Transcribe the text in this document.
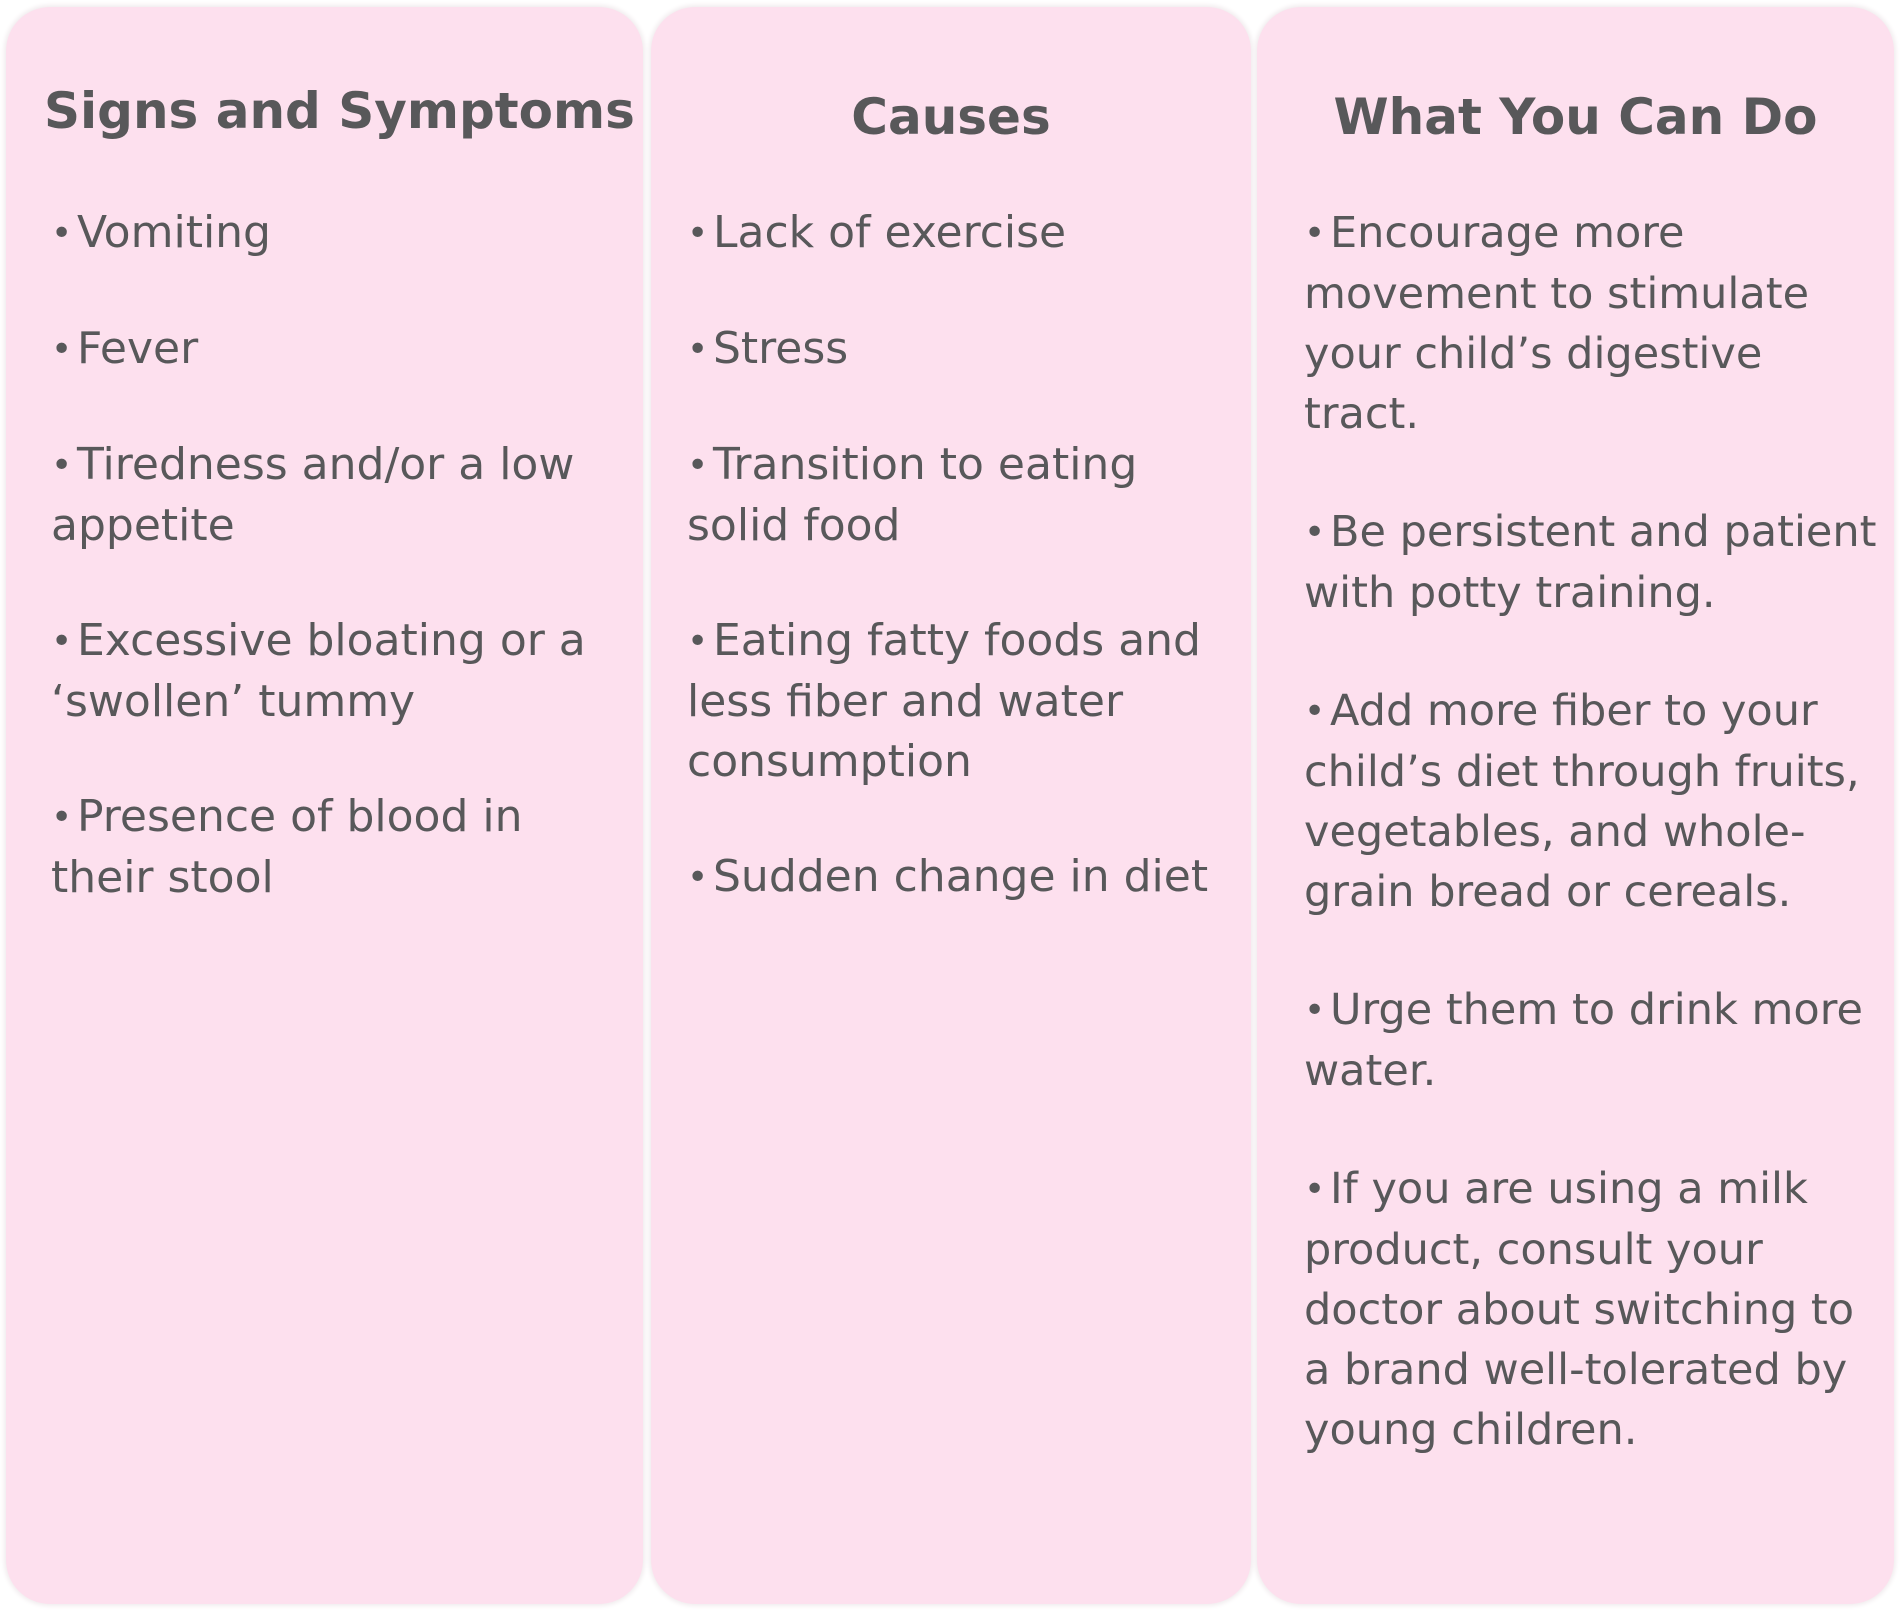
Signs and Symptoms
• Vomiting
• Fever
• Tiredness and/or a low appetite
• Excessive bloating or a ‘swollen’ tummy
• Presence of blood in their stool
Causes
• Lack of exercise
• Stress
• Transition to eating solid food
• Eating fatty foods and less fiber and water consumption
• Sudden change in diet
What You Can Do
• Encourage more movement to stimulate your child’s digestive tract.
• Be persistent and patient with potty training.
• Add more fiber to your child’s diet through fruits, vegetables, and whole-grain bread or cereals.
• Urge them to drink more water.
• If you are using a milk product, consult your doctor about switching to a brand well-tolerated by young children.
